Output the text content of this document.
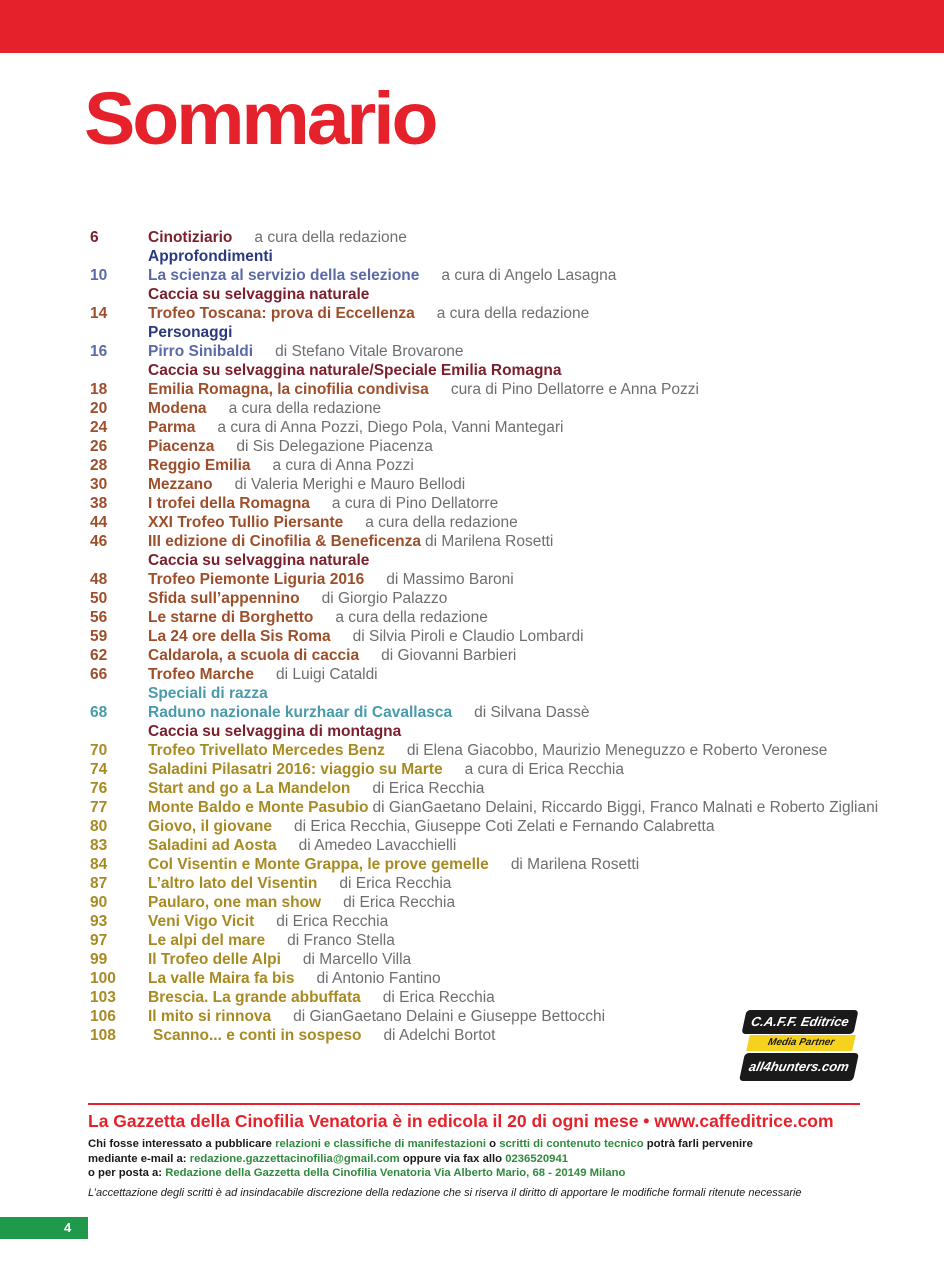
Sommario
6	Cinotiziario a cura della redazione
Approfondimenti
10	La scienza al servizio della selezione a cura di Angelo Lasagna
Caccia su selvaggina naturale
14	Trofeo Toscana: prova di Eccellenza a cura della redazione
Personaggi
16	Pirro Sinibaldi di Stefano Vitale Brovarone
Caccia su selvaggina naturale/Speciale Emilia Romagna
18	Emilia Romagna, la cinofilia condivisa cura di Pino Dellatorre e Anna Pozzi
20	Modena a cura della redazione
24	Parma a cura di Anna Pozzi, Diego Pola, Vanni Mantegari
26	Piacenza di Sis Delegazione Piacenza
28	Reggio Emilia a cura di Anna Pozzi
30	Mezzano di Valeria Merighi e Mauro Bellodi
38	I trofei della Romagna a cura di Pino Dellatorre
44	XXI Trofeo Tullio Piersante a cura della redazione
46	III edizione di Cinofilia & Beneficenza di Marilena Rosetti
Caccia su selvaggina naturale
48	Trofeo Piemonte Liguria 2016 di Massimo Baroni
50	Sfida sull’appennino di Giorgio Palazzo
56	Le starne di Borghetto a cura della redazione
59	La 24 ore della Sis Roma di Silvia Piroli e Claudio Lombardi
62	Caldarola, a scuola di caccia di Giovanni Barbieri
66	Trofeo Marche di Luigi Cataldi
Speciali di razza
68	Raduno nazionale kurzhaar di Cavallasca di Silvana Dassè
Caccia su selvaggina di montagna
70	Trofeo Trivellato Mercedes Benz di Elena Giacobbo, Maurizio Meneguzzo e Roberto Veronese
74	Saladini Pilasatri 2016: viaggio su Marte a cura di Erica Recchia
76	Start and go a La Mandelon di Erica Recchia
77	Monte Baldo e Monte Pasubio di GianGaetano Delaini, Riccardo Biggi, Franco Malnati e Roberto Zigliani
80	Giovo, il giovane di Erica Recchia, Giuseppe Coti Zelati e Fernando Calabretta
83	Saladini ad Aosta di Amedeo Lavacchielli
84	Col Visentin e Monte Grappa, le prove gemelle di Marilena Rosetti
87	L’altro lato del Visentin di Erica Recchia
90	Paularo, one man show di Erica Recchia
93	Veni Vigo Vicit di Erica Recchia
97	Le alpi del mare di Franco Stella
99	Il Trofeo delle Alpi di Marcello Villa
100 La valle Maira fa bis di Antonio Fantino
103 Brescia. La grande abbuffata di Erica Recchia
106 Il mito si rinnova di GianGaetano Delaini e Giuseppe Bettocchi
108	Scanno... e conti in sospeso di Adelchi Bortot
C.A.F.F. Editrice
Media Partner
all4hunters.com

La Gazzetta della Cinofilia Venatoria è in edicola il 20 di ogni mese • www.caffeditrice.com

Chi fosse interessato a pubblicare relazioni e classifiche di manifestazioni o scritti di contenuto tecnico potrà farli pervenire
mediante e-mail a: redazione.gazzettacinofilia@gmail.com oppure via fax allo 0236520941
o per posta a: Redazione della Gazzetta della Cinofilia Venatoria Via Alberto Mario, 68 - 20149 Milano
L’accettazione degli scritti è ad insindacabile discrezione della redazione che si riserva il diritto di apportare le modifiche formali ritenute necessarie
4
